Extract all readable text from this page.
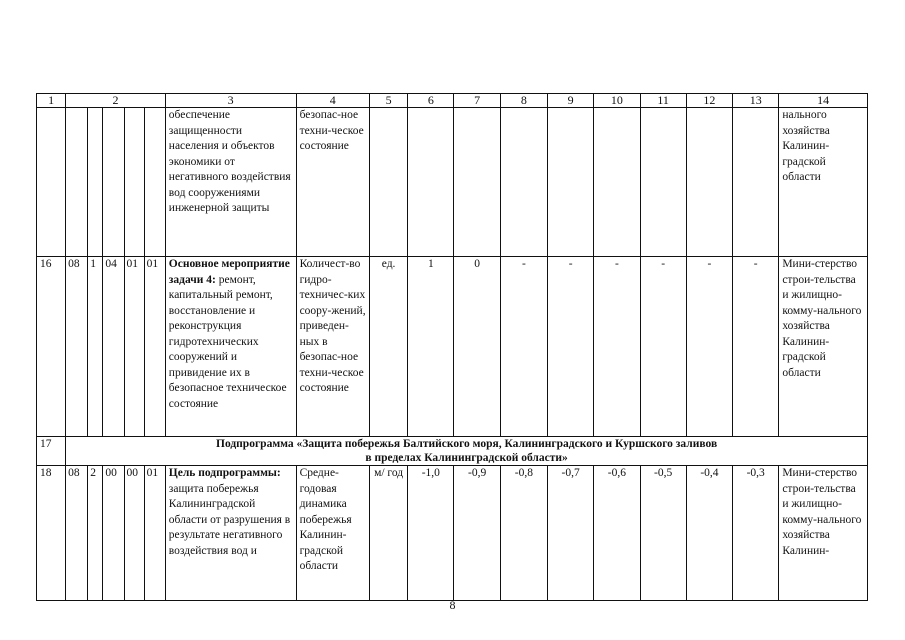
1	2					3	4	5	6	7	8	9	10	11	12	13	14
						обеспечение защищенности населения и объектов экономики от негативного воздействия вод сооружениями инженерной защиты	безопас-ное техни-ческое состояние										нального хозяйства Калинин-градской области
16	08	1	04	01	01	Основное мероприятие задачи 4: ремонт, капитальный ремонт, восстановление и реконструкция гидротехнических сооружений и привидение их в безопасное техническое состояние	Количест-во гидро-техничес-ких соору-жений, приведен-ных в безопас-ное техни-ческое состояние	ед.	1	0	-	-	-	-	-	-	Мини-стерство строи-тельства и жилищно-комму-нального хозяйства Калинин-градской области
17	Подпрограмма «Защита побережья Балтийского моря, Калининградского и Куршского заливов
в пределах Калининградской области»																

18	08	2	00	00	01	Цель подпрограммы: защита побережья Калининградской области от разрушения в результате негативного воздействия вод и	Средне-годовая динамика побережья Калинин-градской области	м/ год	-1,0	-0,9	-0,8	-0,7	-0,6	-0,5	-0,4	-0,3	Мини-стерство строи-тельства и жилищно-комму-нального хозяйства Калинин-
8
